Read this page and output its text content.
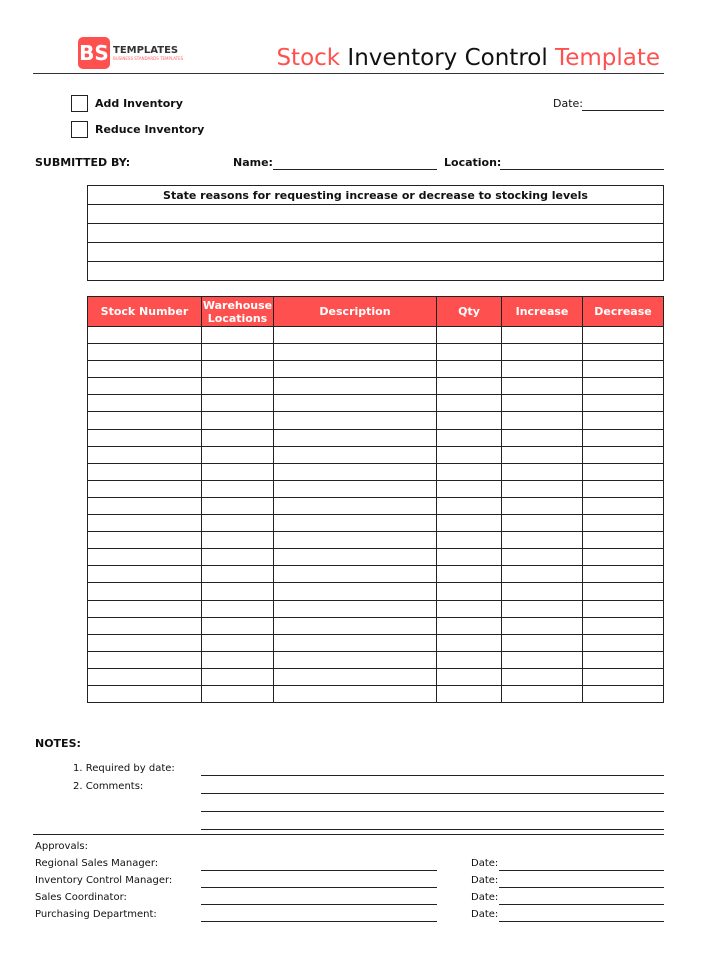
BS TEMPLATES
BUSINESS STANDARDS TEMPLATES	Stock Inventory Control Template
Add Inventory
Reduce Inventory
Date:
SUBMITTED BY:	Name:	Location:
State reasons for requesting increase or decrease to stocking levels

Stock Number	Warehouse Locations	Description	Qty	Increase	Decrease

NOTES:
1. Required by date:
2. Comments:
Approvals:
Regional Sales Manager:	Date:
Inventory Control Manager:	Date:
Sales Coordinator:	Date:
Purchasing Department:	Date:
